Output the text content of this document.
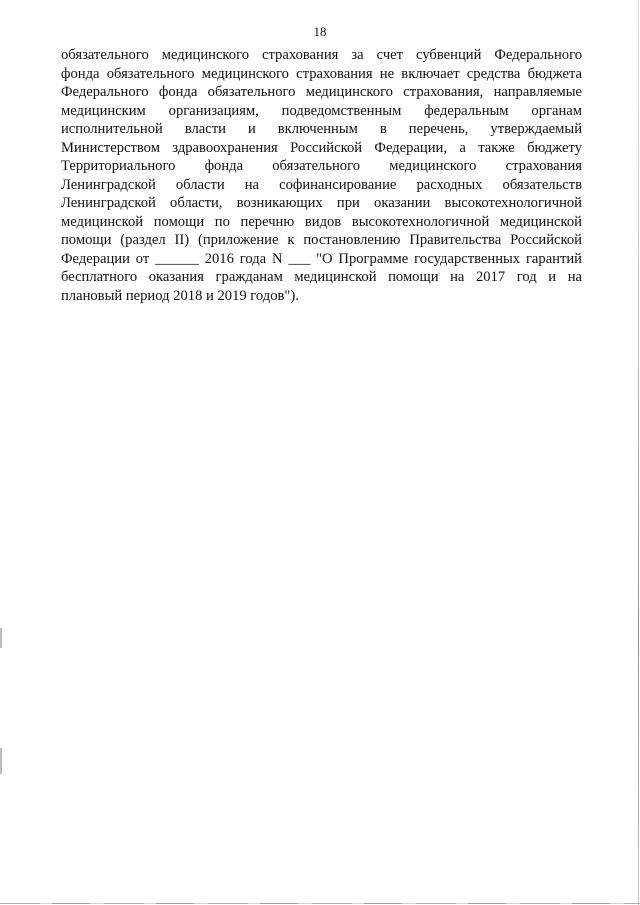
18
обязательного медицинского страхования за счет субвенций Федерального
фонда обязательного медицинского страхования не включает средства бюджета
Федерального фонда обязательного медицинского страхования, направляемые
медицинским организациям, подведомственным федеральным органам
исполнительной власти и включенным в перечень, утверждаемый
Министерством здравоохранения Российской Федерации, а также бюджету
Территориального фонда обязательного медицинского страхования
Ленинградской области на софинансирование расходных обязательств
Ленинградской области, возникающих при оказании высокотехнологичной
медицинской помощи по перечню видов высокотехнологичной медицинской
помощи (раздел II) (приложение к постановлению Правительства Российской
Федерации от ______ 2016 года N ___ "О Программе государственных гарантий
бесплатного оказания гражданам медицинской помощи на 2017 год и на
плановый период 2018 и 2019 годов").
